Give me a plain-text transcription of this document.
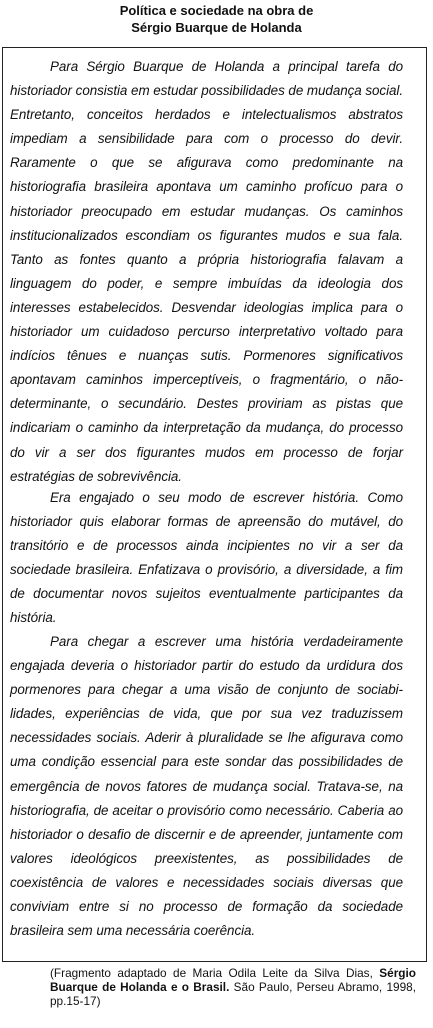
Política e sociedade na obra de
Sérgio Buarque de Holanda

Para Sérgio Buarque de Holanda a principal tarefa do historiador consistia em estudar possibilidades de mudança social. Entretanto, conceitos herdados e intelectualismos abstratos impediam a sensibilidade para com o processo do devir. Raramente o que se afigurava como predominante na historiografia brasileira apontava um caminho profícuo para o historiador preocupado em estudar mudanças. Os caminhos institucionalizados escondiam os figurantes mudos e sua fala. Tanto as fontes quanto a própria historiografia falavam a linguagem do poder, e sempre imbuídas da ideologia dos interesses estabelecidos. Desvendar ideologias implica para o historiador um cuidadoso percurso interpretativo voltado para indícios tênues e nuanças sutis. Pormenores significativos apontavam caminhos imperceptíveis, o fragmentário, o não-determinante, o secundário. Destes proviriam as pistas que indicariam o caminho da interpretação da mudança, do processo do vir a ser dos figurantes mudos em processo de forjar estratégias de sobrevivência.

Era engajado o seu modo de escrever história. Como historiador quis elaborar formas de apreensão do mutável, do transitório e de processos ainda incipientes no vir a ser da sociedade brasileira. Enfatizava o provisório, a diversidade, a fim de documentar novos sujeitos eventualmente participantes da história.

Para chegar a escrever uma história verdadeiramente engajada deveria o historiador partir do estudo da urdidura dos pormenores para chegar a uma visão de conjunto de sociabilidades, experiências de vida, que por sua vez traduzissem necessidades sociais. Aderir à pluralidade se lhe afigurava como uma condição essencial para este sondar das possibilidades de emergência de novos fatores de mudança social. Tratava-se, na historiografia, de aceitar o provisório como necessário. Caberia ao historiador o desafio de discernir e de apreender, juntamente com valores ideológicos preexistentes, as possibilidades de coexistência de valores e necessidades sociais diversas que conviviam entre si no processo de formação da sociedade brasileira sem uma necessária coerência.

(Fragmento adaptado de Maria Odila Leite da Silva Dias, Sérgio Buarque de Holanda e o Brasil. São Paulo, Perseu Abramo, 1998, pp.15-17)
